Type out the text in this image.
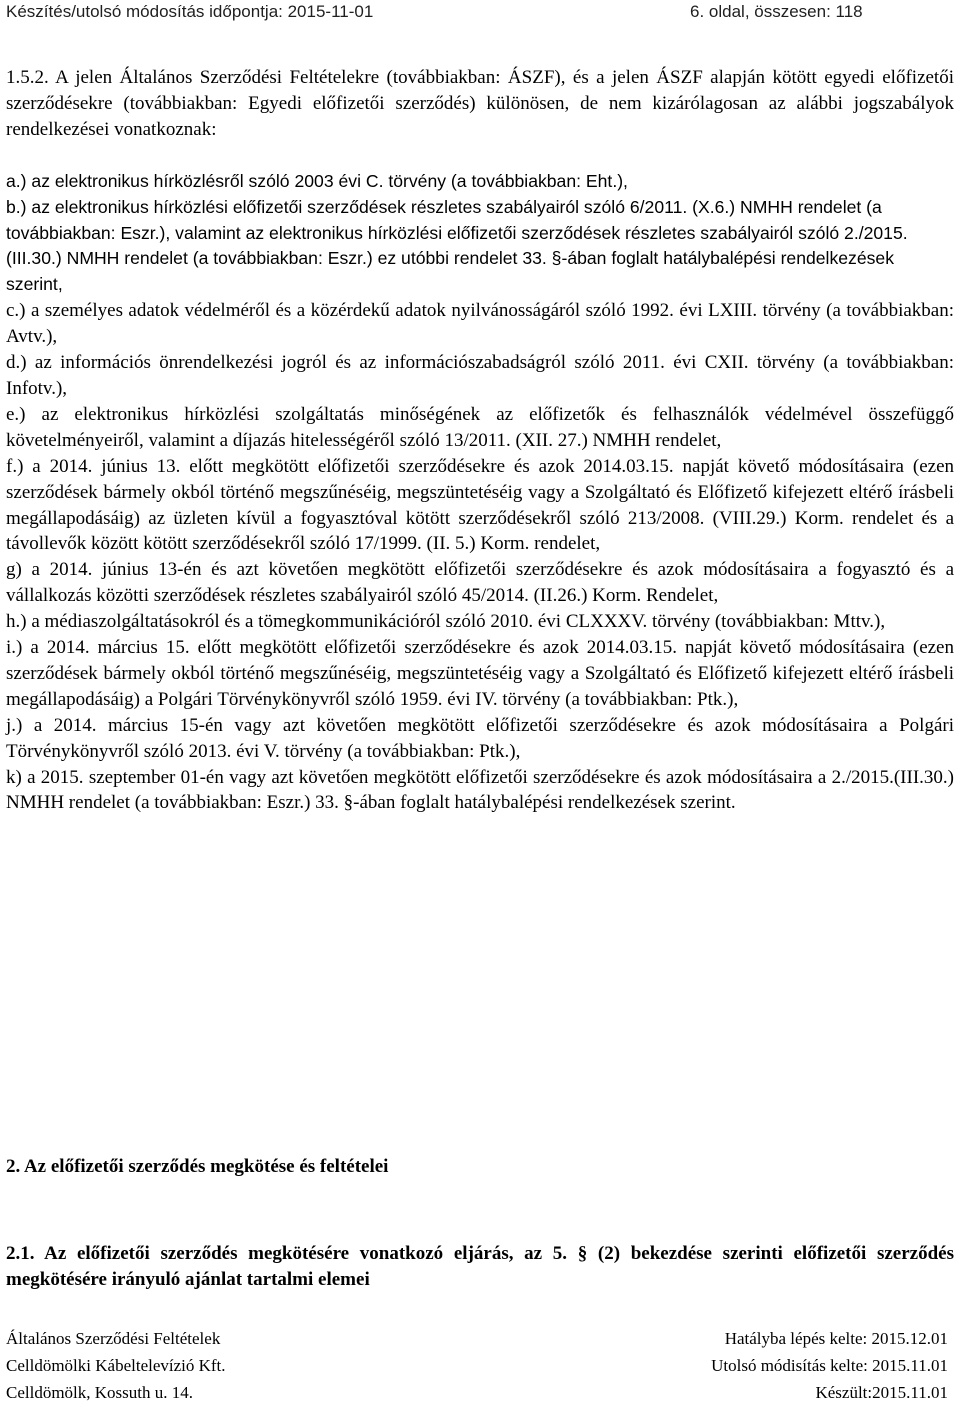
Készítés/utolsó módosítás időpontja: 2015-11-01	6. oldal, összesen: 118

1.5.2. A jelen Általános Szerződési Feltételekre (továbbiakban: ÁSZF), és a jelen ÁSZF alapján kötött egyedi előfizetői szerződésekre (továbbiakban: Egyedi előfizetői szerződés) különösen, de nem kizárólagosan az alábbi jogszabályok rendelkezései vonatkoznak:

a.) az elektronikus hírközlésről szóló 2003 évi C. törvény (a továbbiakban: Eht.),

b.) az elektronikus hírközlési előfizetői szerződések részletes szabályairól szóló 6/2011. (X.6.) NMHH rendelet (a továbbiakban: Eszr.), valamint az elektronikus hírközlési előfizetői szerződések részletes szabályairól szóló 2./2015.(III.30.) NMHH rendelet (a továbbiakban: Eszr.) ez utóbbi rendelet 33. §-ában foglalt hatálybalépési rendelkezések szerint,

c.) a személyes adatok védelméről és a közérdekű adatok nyilvánosságáról szóló 1992. évi LXIII. törvény (a továbbiakban: Avtv.),

d.) az információs önrendelkezési jogról és az információszabadságról szóló 2011. évi CXII. törvény (a továbbiakban: Infotv.),

e.) az elektronikus hírközlési szolgáltatás minőségének az előfizetők és felhasználók védelmével összefüggő követelményeiről, valamint a díjazás hitelességéről szóló 13/2011. (XII. 27.) NMHH rendelet,

f.) a 2014. június 13. előtt megkötött előfizetői szerződésekre és azok 2014.03.15. napját követő módosításaira (ezen szerződések bármely okból történő megszűnéséig, megszüntetéséig vagy a Szolgáltató és Előfizető kifejezett eltérő írásbeli megállapodásáig) az üzleten kívül a fogyasztóval kötött szerződésekről szóló 213/2008. (VIII.29.) Korm. rendelet és a távollevők között kötött szerződésekről szóló 17/1999. (II. 5.) Korm. rendelet,

g) a 2014. június 13-én és azt követően megkötött előfizetői szerződésekre és azok módosításaira a fogyasztó és a vállalkozás közötti szerződések részletes szabályairól szóló 45/2014. (II.26.) Korm. Rendelet,

h.) a médiaszolgáltatásokról és a tömegkommunikációról szóló 2010. évi CLXXXV. törvény (továbbiakban: Mttv.),

i.) a 2014. március 15. előtt megkötött előfizetői szerződésekre és azok 2014.03.15. napját követő módosításaira (ezen szerződések bármely okból történő megszűnéséig, megszüntetéséig vagy a Szolgáltató és Előfizető kifejezett eltérő írásbeli megállapodásáig) a Polgári Törvénykönyvről szóló 1959. évi IV. törvény (a továbbiakban: Ptk.),

j.) a 2014. március 15-én vagy azt követően megkötött előfizetői szerződésekre és azok módosításaira a Polgári Törvénykönyvről szóló 2013. évi V. törvény (a továbbiakban: Ptk.),

k) a 2015. szeptember 01-én vagy azt követően megkötött előfizetői szerződésekre és azok módosításaira a 2./2015.(III.30.) NMHH rendelet (a továbbiakban: Eszr.) 33. §-ában foglalt hatálybalépési rendelkezések szerint.

2. Az előfizetői szerződés megkötése és feltételei

2.1. Az előfizetői szerződés megkötésére vonatkozó eljárás, az 5. § (2) bekezdése szerinti előfizetői szerződés megkötésére irányuló ajánlat tartalmi elemei

Általános Szerződési Feltételek	Hatályba lépés kelte: 2015.12.01
Celldömölki Kábeltelevízió Kft.	Utolsó módisítás kelte: 2015.11.01
Celldömölk, Kossuth u. 14.	Készült:2015.11.01
